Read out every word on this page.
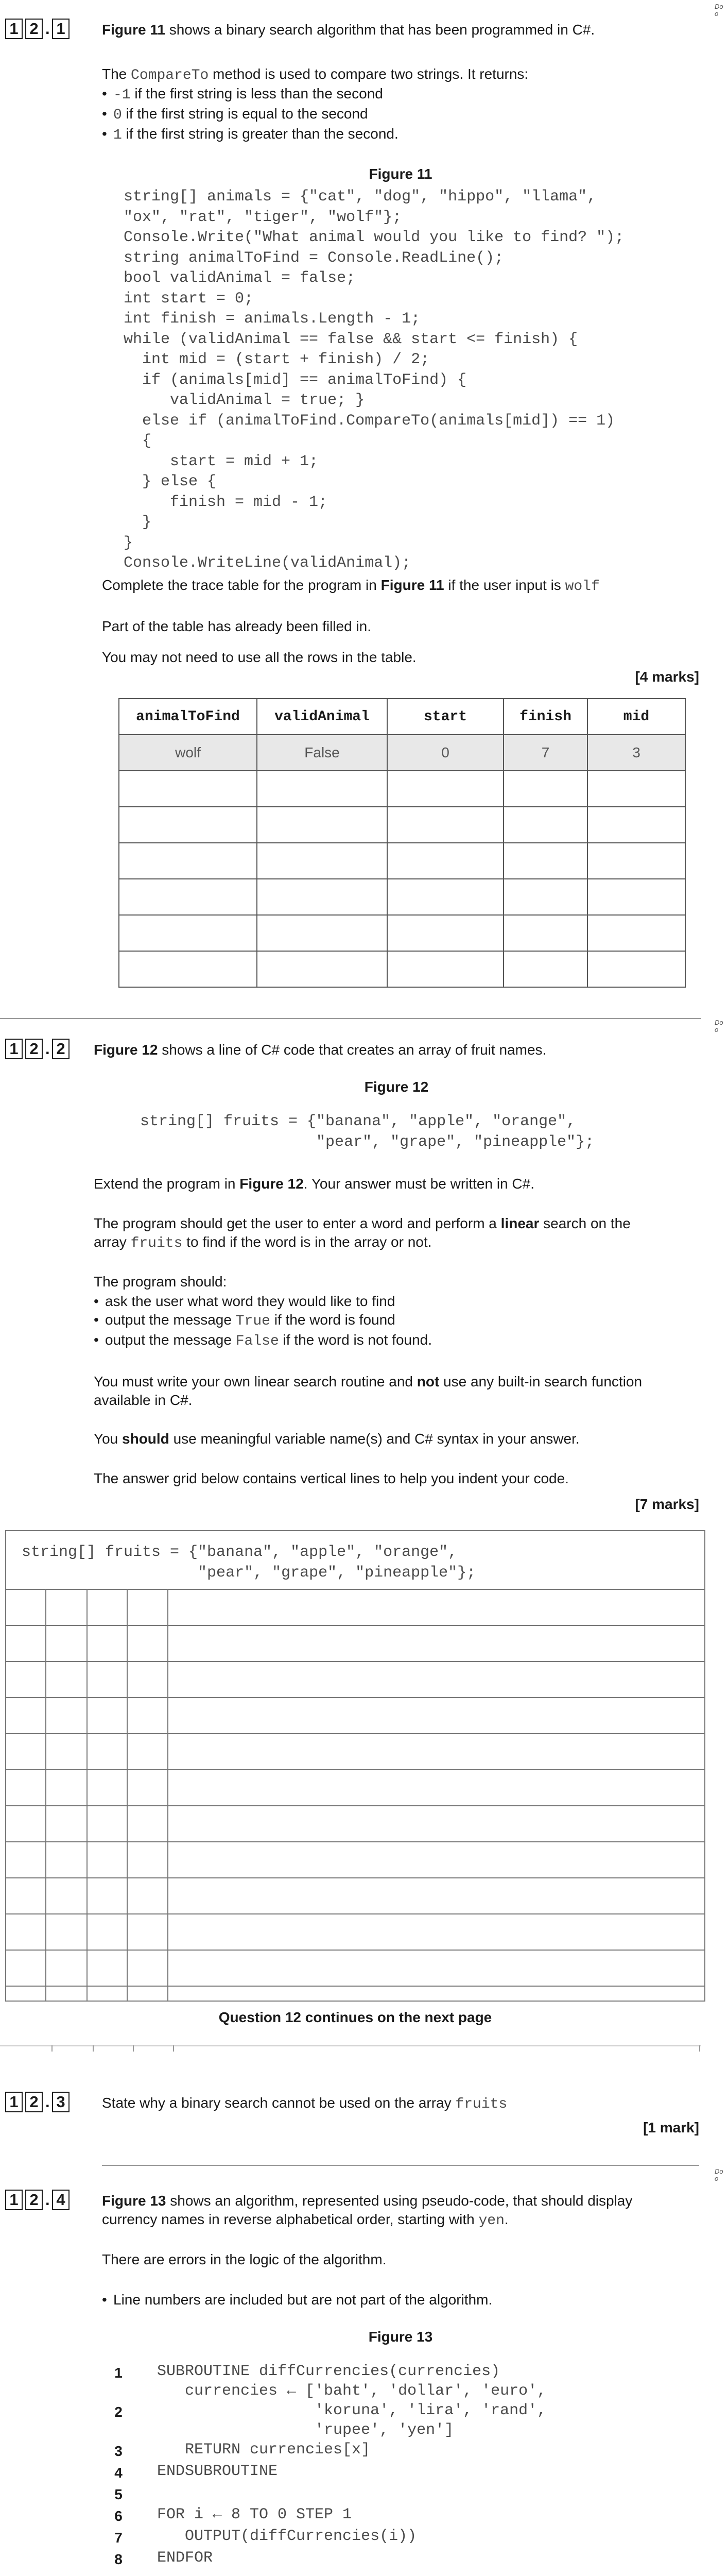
Do
o
Do
o
Do
o
1 2 . 1	Figure 11 shows a binary search algorithm that has been programmed in C#.
The CompareTo method is used to compare two strings. It returns:
• -1 if the first string is less than the second
• 0 if the first string is equal to the second
• 1 if the first string is greater than the second.
Figure 11
string[] animals = {"cat", "dog", "hippo", "llama",
"ox", "rat", "tiger", "wolf"};
Console.Write("What animal would you like to find? ");
string animalToFind = Console.ReadLine();
bool validAnimal = false;
int start = 0;
int finish = animals.Length - 1;
while (validAnimal == false && start <= finish) {
int mid = (start + finish) / 2;
if (animals[mid] == animalToFind) {
validAnimal = true; }
else if (animalToFind.CompareTo(animals[mid]) == 1)
{
start = mid + 1;
} else {
finish = mid - 1;
}
}
Console.WriteLine(validAnimal);
Complete the trace table for the program in Figure 11 if the user input is wolf
Part of the table has already been filled in.
You may not need to use all the rows in the table.
[4 marks]
animalToFind	validAnimal	start	finish	mid
wolf	False	0	7	3

1 2 . 2 Figure 12 shows a line of C# code that creates an array of fruit names.
Figure 12
string[] fruits = {"banana", "apple", "orange",
"pear", "grape", "pineapple"};
Extend the program in Figure 12. Your answer must be written in C#.
The program should get the user to enter a word and perform a linear search on the
array fruits to find if the word is in the array or not.
The program should:
• ask the user what word they would like to find
• output the message True if the word is found
• output the message False if the word is not found.
You must write your own linear search routine and not use any built-in search function
available in C#.
You should use meaningful variable name(s) and C# syntax in your answer.
The answer grid below contains vertical lines to help you indent your code.
[7 marks]
string[] fruits = {"banana", "apple", "orange",
"pear", "grape", "pineapple"};
Question 12 continues on the next page
1 2 . 3	State why a binary search cannot be used on the array fruits
[1 mark]
1 2 . 4	Figure 13 shows an algorithm, represented using pseudo-code, that should display
currency names in reverse alphabetical order, starting with yen.
There are errors in the logic of the algorithm.
• Line numbers are included but are not part of the algorithm.
Figure 13
1	SUBROUTINE diffCurrencies(currencies)
2
currencies ← ['baht', 'dollar', 'euro',
'koruna', 'lira', 'rand',
'rupee', 'yen']
3	RETURN currencies[x]
4	ENDSUBROUTINE
5
6	FOR i ← 8 TO 0 STEP 1
7	OUTPUT(diffCurrencies(i))
8	ENDFOR
